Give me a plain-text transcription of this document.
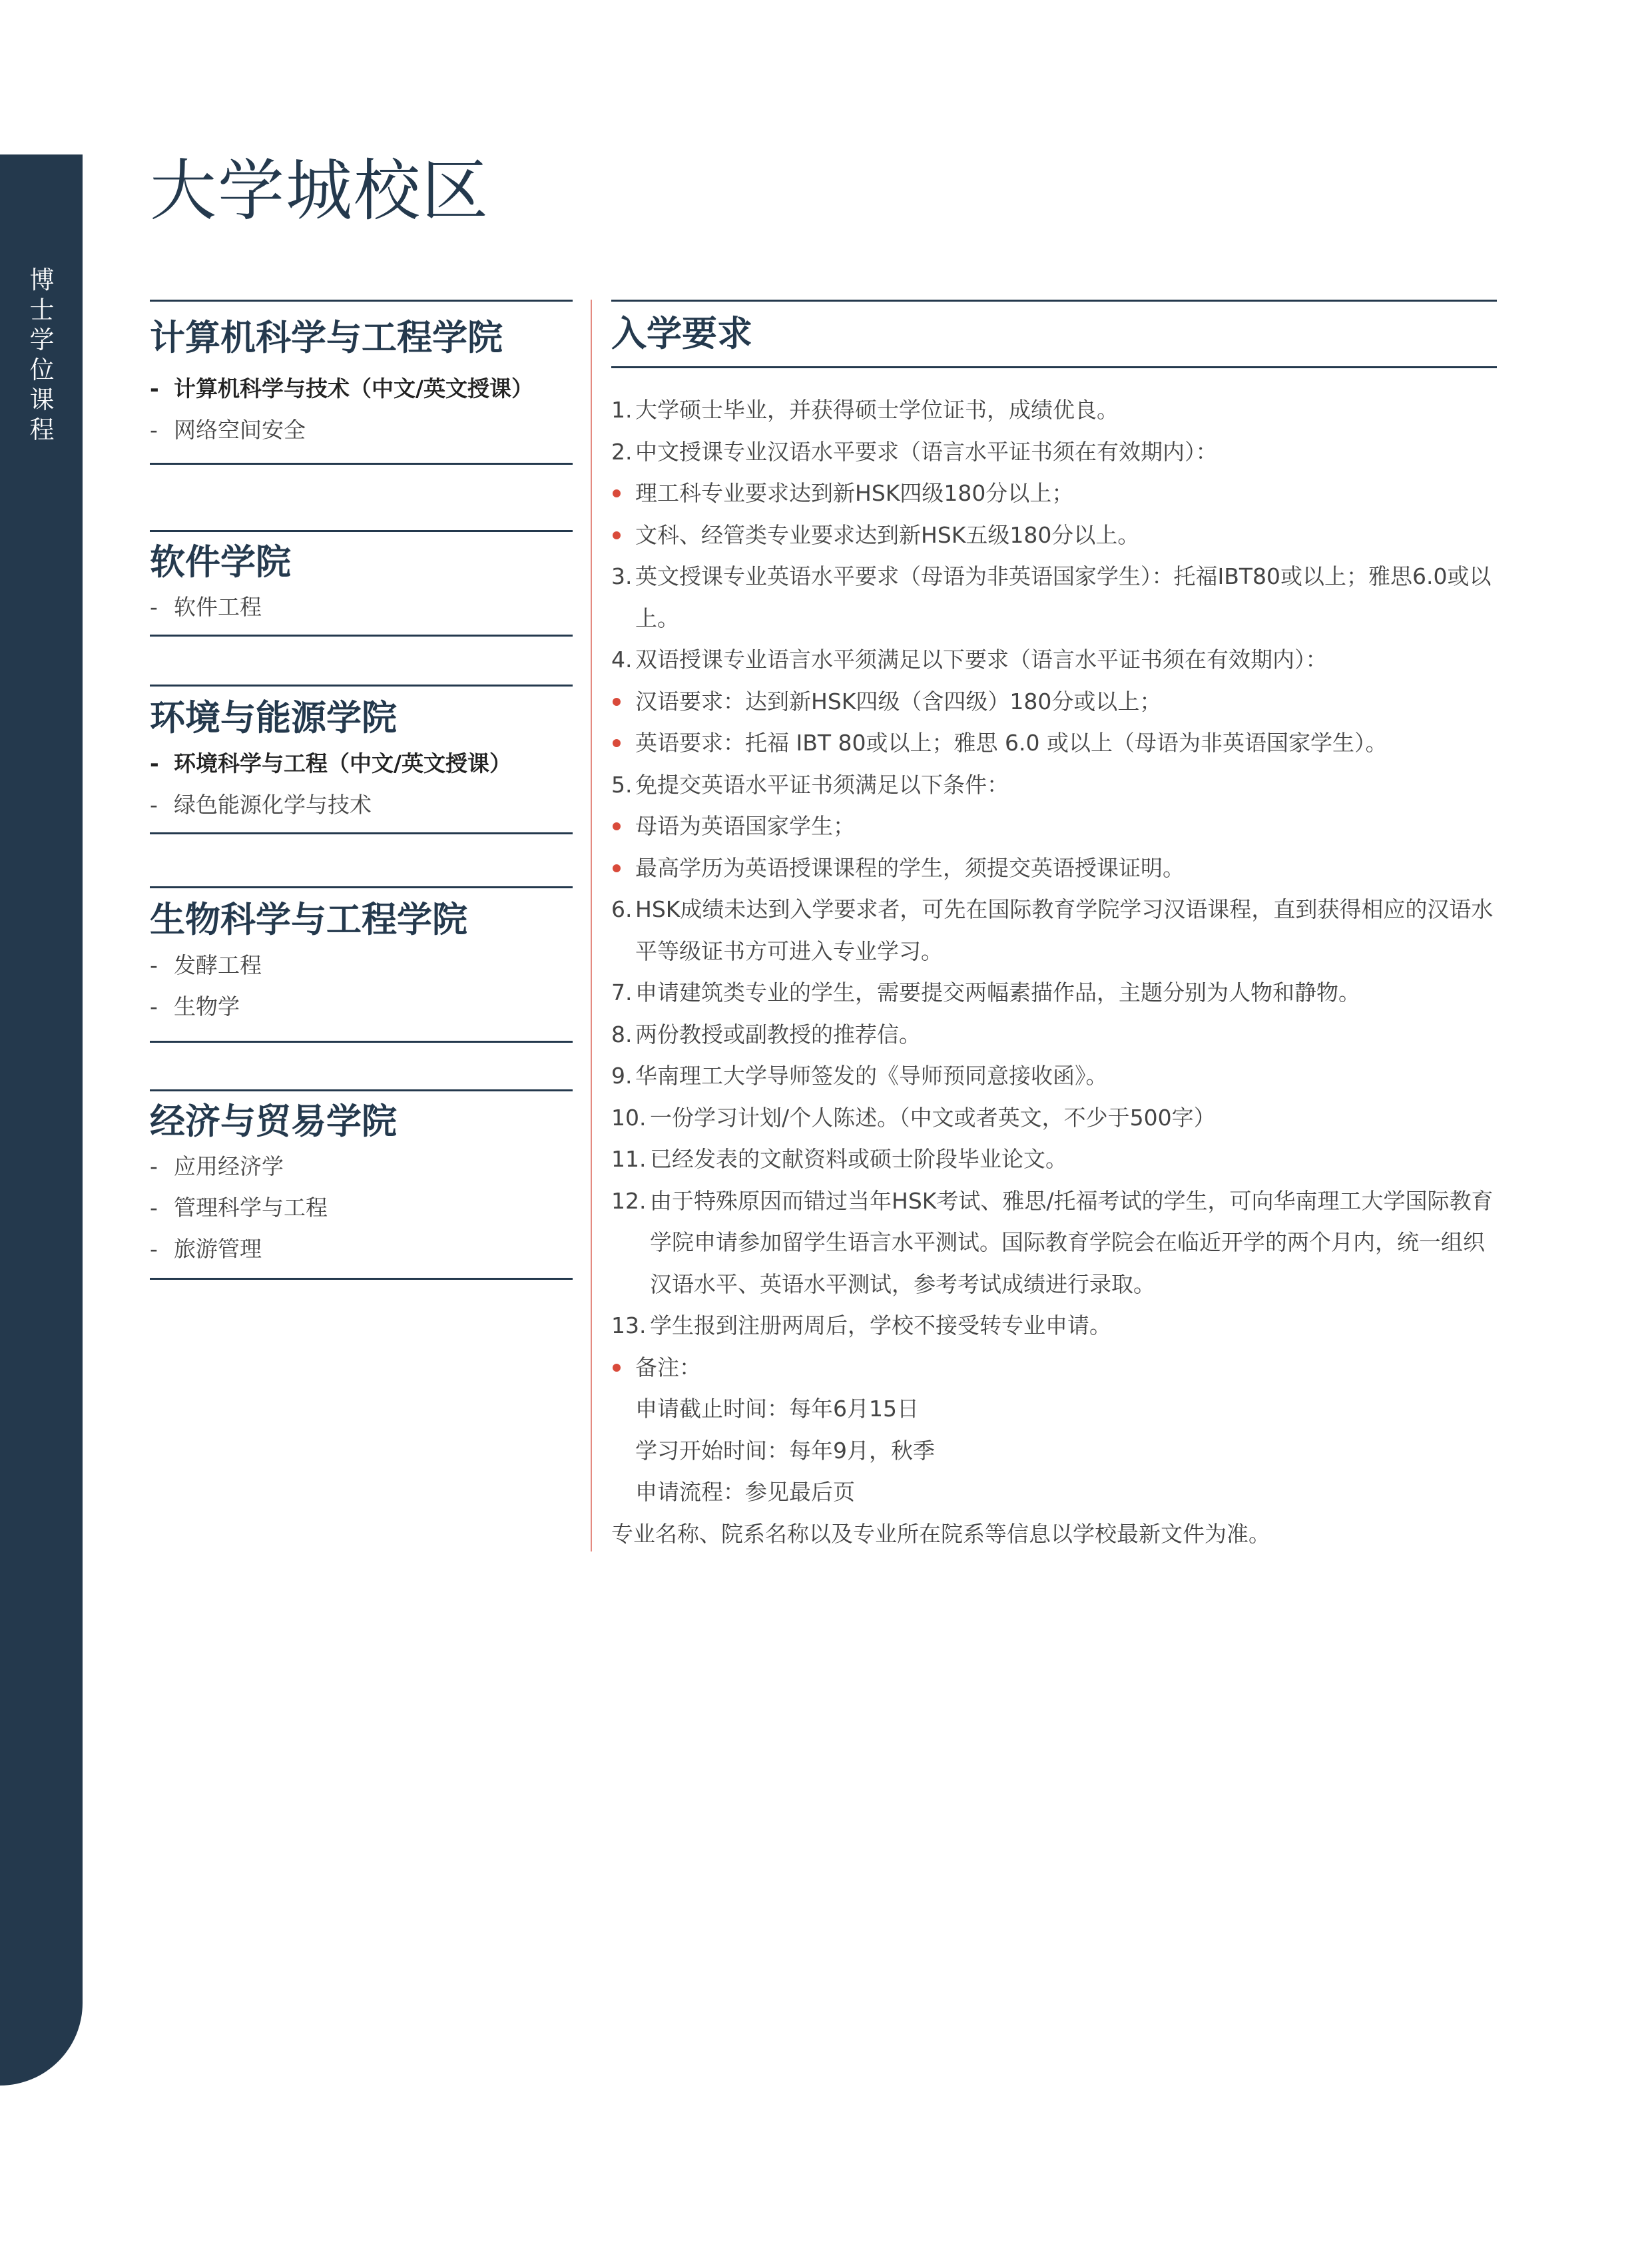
博士学位课程
大学城校区
计算机科学与工程学院
- 计算机科学与技术（中文/英文授课）
- 网络空间安全
软件学院
- 软件工程
环境与能源学院
- 环境科学与工程（中文/英文授课）
- 绿色能源化学与技术
生物科学与工程学院
- 发酵工程
- 生物学
经济与贸易学院
- 应用经济学
- 管理科学与工程
- 旅游管理
入学要求
1. 大学硕士毕业，并获得硕士学位证书，成绩优良。
2. 中文授课专业汉语水平要求（语言水平证书须在有效期内）：
理工科专业要求达到新HSK四级180分以上；
文科、经管类专业要求达到新HSK五级180分以上。
3. 英文授课专业英语水平要求（母语为非英语国家学生）：托福IBT80或以上；雅思6.0或以上。
4. 双语授课专业语言水平须满足以下要求（语言水平证书须在有效期内）：
汉语要求：达到新HSK四级（含四级）180分或以上；
英语要求：托福 IBT 80或以上；雅思 6.0 或以上（母语为非英语国家学生）。
5. 免提交英语水平证书须满足以下条件：
母语为英语国家学生；
最高学历为英语授课课程的学生，须提交英语授课证明。
6. HSK成绩未达到入学要求者，可先在国际教育学院学习汉语课程，直到获得相应的汉语水平等级证书方可进入专业学习。
7. 申请建筑类专业的学生，需要提交两幅素描作品，主题分别为人物和静物。
8. 两份教授或副教授的推荐信。
9. 华南理工大学导师签发的《导师预同意接收函》。
10. 一份学习计划/个人陈述。（中文或者英文，不少于500字）
11. 已经发表的文献资料或硕士阶段毕业论文。
12. 由于特殊原因而错过当年HSK考试、雅思/托福考试的学生，可向华南理工大学国际教育学院申请参加留学生语言水平测试。国际教育学院会在临近开学的两个月内，统一组织汉语水平、英语水平测试，参考考试成绩进行录取。
13. 学生报到注册两周后，学校不接受转专业申请。
备注：
申请截止时间：每年6月15日
学习开始时间：每年9月，秋季
申请流程：参见最后页
专业名称、院系名称以及专业所在院系等信息以学校最新文件为准。
